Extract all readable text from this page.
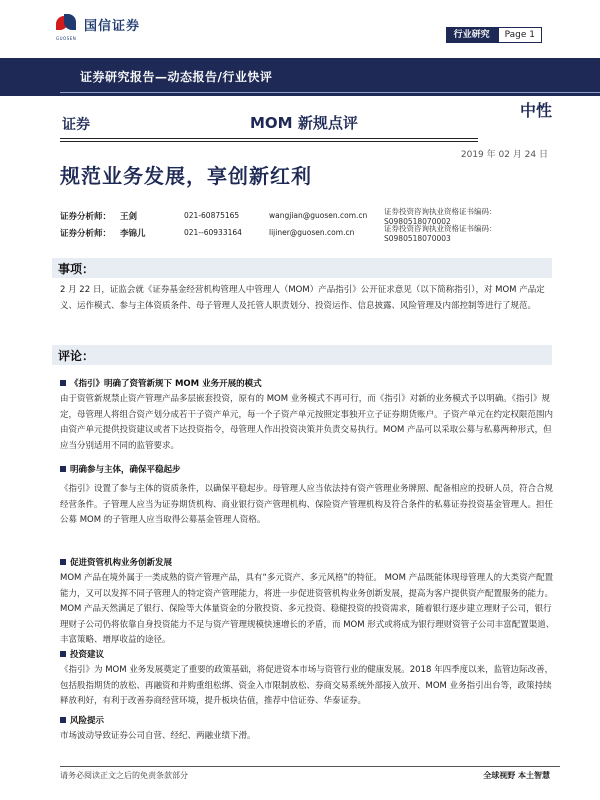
国信证券
GUOSEN	行业研究	Page 1
证券研究报告—动态报告/行业快评
证券	MOM 新规点评
中性
2019 年 02 月 24 日
规范业务发展，享创新红利
证券分析师：	王剑	021-60875165	wangjian@guosen.com.cn	证券投资咨询执业资格证书编码：S0980518070002
证券分析师：	李锦儿	021--60933164	lijiner@guosen.com.cn	证券投资咨询执业资格证书编码：S0980518070003
事项：
2 月 22 日，证监会就《证券基金经营机构管理人中管理人（MOM）产品指引》公开征求意见（以下简称指引），对 MOM 产品定义、运作模式、参与主体资质条件、母子管理人及托管人职责划分、投资运作、信息披露、风险管理及内部控制等进行了规范。
评论：
《指引》明确了资管新规下 MOM 业务开展的模式
由于资管新规禁止资产管理产品多层嵌套投资，原有的 MOM 业务模式不再可行，而《指引》对新的业务模式予以明确。《指引》规定，母管理人将组合资产划分成若干子资产单元，每一个子资产单元按照定事独开立子证券期货账户。子资产单元在约定权限范围内由资产单元提供投资建议或者下达投资指令，母管理人作出投资决策并负责交易执行。MOM 产品可以采取公募与私募两种形式，但应当分别适用不同的监管要求。
明确参与主体，确保平稳起步
《指引》设置了参与主体的资质条件，以确保平稳起步。母管理人应当依法持有资产管理业务牌照、配备相应的投研人员，符合合规经营条件。子管理人应当为证券期货机构、商业银行资产管理机构、保险资产管理机构及符合条件的私募证券投资基金管理人。担任公募 MOM 的子管理人应当取得公募基金管理人资格。
促进资管机构业务创新发展
MOM 产品在境外属于一类成熟的资产管理产品，具有“多元资产、多元风格”的特征。 MOM 产品既能体现母管理人的大类资产配置能力，又可以发挥不同子管理人的特定资产管理能力，将进一步促进资管机构业务创新发展，提高为客户提供资产配置服务的能力。MOM 产品天然满足了银行、保险等大体量资金的分散投资、多元投资、稳健投资的投资需求，随着银行逐步建立理财子公司，银行理财子公司仍将依靠自身投资能力不足与资产管理规模快速增长的矛盾，而 MOM 形式或将成为银行理财资管子公司丰富配置渠道、丰富策略、增厚收益的途径。
投资建议
《指引》为 MOM 业务发展奠定了重要的政策基础，将促进资本市场与资管行业的健康发展。2018 年四季度以来，监管边际改善，包括股指期货的放松、再融资和并购重组松绑、资金入市限制放松、券商交易系统外部接入放开、MOM 业务指引出台等，政策持续释放利好，有利于改善券商经营环境，提升板块估值，推荐中信证券、华泰证券。
风险提示
市场波动导致证券公司自营、经纪、两融业绩下滑。
请务必阅读正文之后的免责条款部分	全球视野 本土智慧
